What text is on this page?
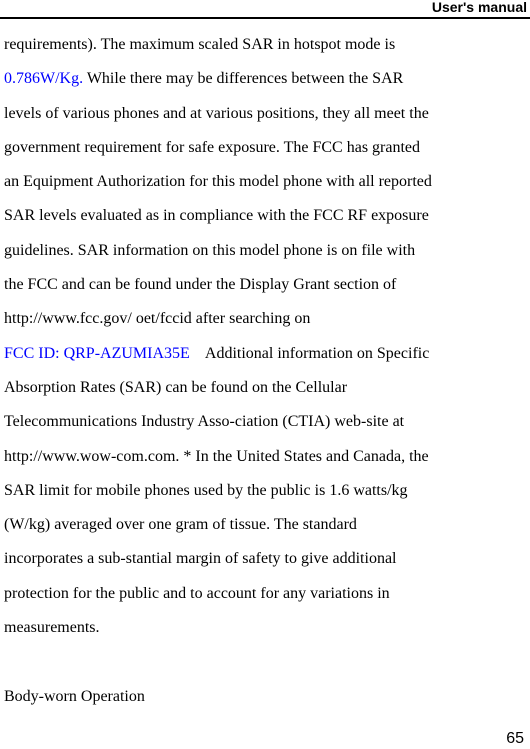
User's manual
requirements). The maximum scaled SAR in hotspot mode is
0.786W/Kg. While there may be differences between the SAR
levels of various phones and at various positions, they all meet the
government requirement for safe exposure. The FCC has granted
an Equipment Authorization for this model phone with all reported
SAR levels evaluated as in compliance with the FCC RF exposure
guidelines. SAR information on this model phone is on file with
the FCC and can be found under the Display Grant section of
http://www.fcc.gov/ oet/fccid after searching on
FCC ID: QRP-AZUMIA35E    Additional information on Specific
Absorption Rates (SAR) can be found on the Cellular
Telecommunications Industry Asso-ciation (CTIA) web-site at
http://www.wow-com.com. * In the United States and Canada, the
SAR limit for mobile phones used by the public is 1.6 watts/kg
(W/kg) averaged over one gram of tissue. The standard
incorporates a sub-stantial margin of safety to give additional
protection for the public and to account for any variations in
measurements.
Body-worn Operation
65
